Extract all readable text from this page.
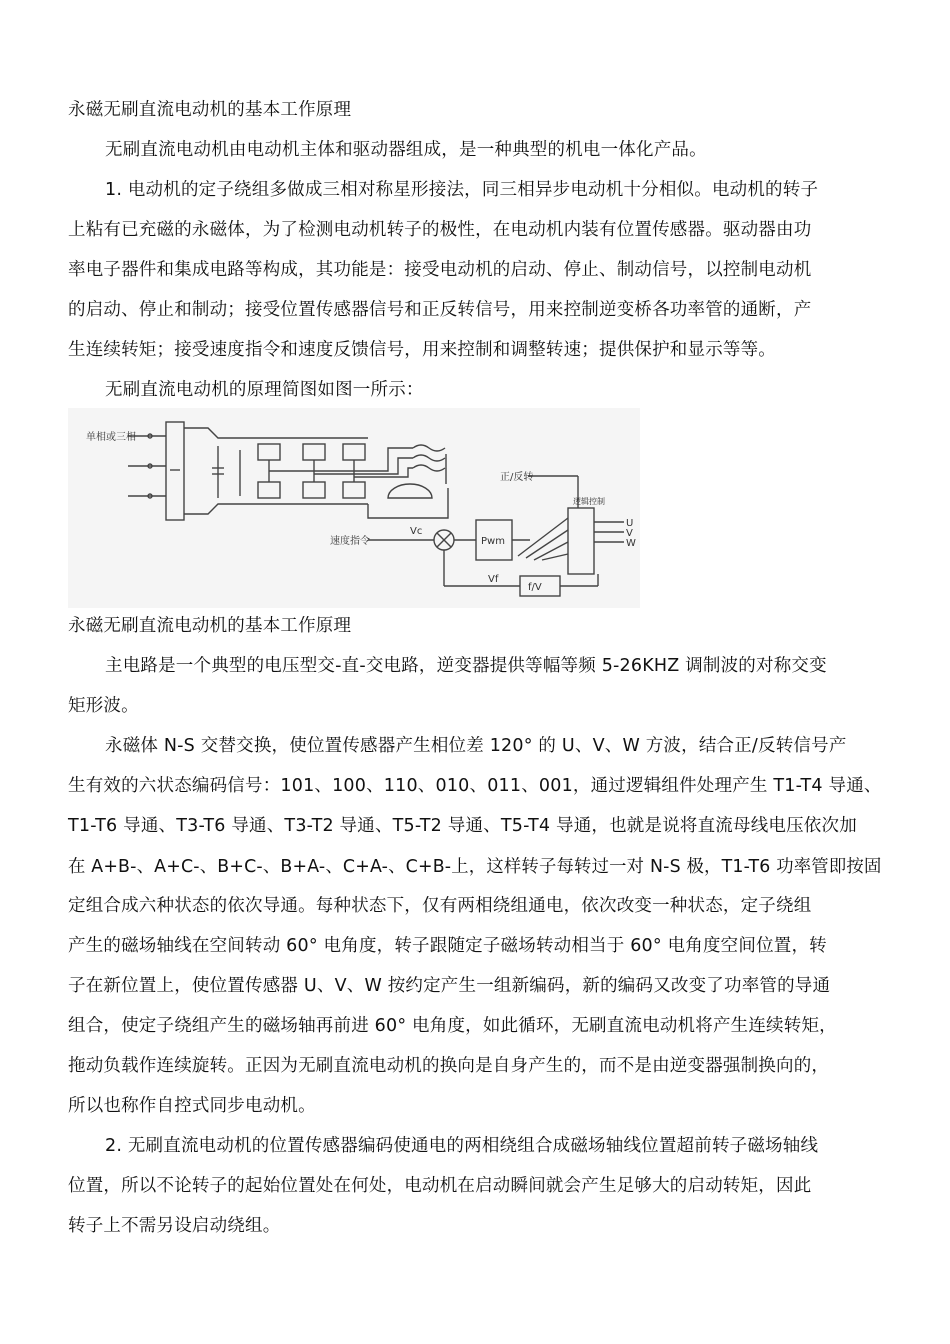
永磁无刷直流电动机的基本工作原理
无刷直流电动机由电动机主体和驱动器组成，是一种典型的机电一体化产品。
1. 电动机的定子绕组多做成三相对称星形接法，同三相异步电动机十分相似。电动机的转子
上粘有已充磁的永磁体，为了检测电动机转子的极性，在电动机内装有位置传感器。驱动器由功
率电子器件和集成电路等构成，其功能是：接受电动机的启动、停止、制动信号，以控制电动机
的启动、停止和制动；接受位置传感器信号和正反转信号，用来控制逆变桥各功率管的通断，产
生连续转矩；接受速度指令和速度反馈信号，用来控制和调整转速；提供保护和显示等等。
无刷直流电动机的原理简图如图一所示：
单相或三相
正/反转
速度指令
Vc
Pwm
f/V
Vf
逻辑控制
U
V
W
永磁无刷直流电动机的基本工作原理
主电路是一个典型的电压型交-直-交电路，逆变器提供等幅等频 5-26KHZ 调制波的对称交变
矩形波。
永磁体 N-S 交替交换，使位置传感器产生相位差 120° 的 U、V、W 方波，结合正/反转信号产
生有效的六状态编码信号：101、100、110、010、011、001，通过逻辑组件处理产生 T1-T4 导通、
T1-T6 导通、T3-T6 导通、T3-T2 导通、T5-T2 导通、T5-T4 导通，也就是说将直流母线电压依次加
在 A+B-、A+C-、B+C-、B+A-、C+A-、C+B-上，这样转子每转过一对 N-S 极，T1-T6 功率管即按固
定组合成六种状态的依次导通。每种状态下，仅有两相绕组通电，依次改变一种状态，定子绕组
产生的磁场轴线在空间转动 60° 电角度，转子跟随定子磁场转动相当于 60° 电角度空间位置，转
子在新位置上，使位置传感器 U、V、W 按约定产生一组新编码，新的编码又改变了功率管的导通
组合，使定子绕组产生的磁场轴再前进 60° 电角度，如此循环，无刷直流电动机将产生连续转矩，
拖动负载作连续旋转。正因为无刷直流电动机的换向是自身产生的，而不是由逆变器强制换向的，
所以也称作自控式同步电动机。
2. 无刷直流电动机的位置传感器编码使通电的两相绕组合成磁场轴线位置超前转子磁场轴线
位置，所以不论转子的起始位置处在何处，电动机在启动瞬间就会产生足够大的启动转矩，因此
转子上不需另设启动绕组。
